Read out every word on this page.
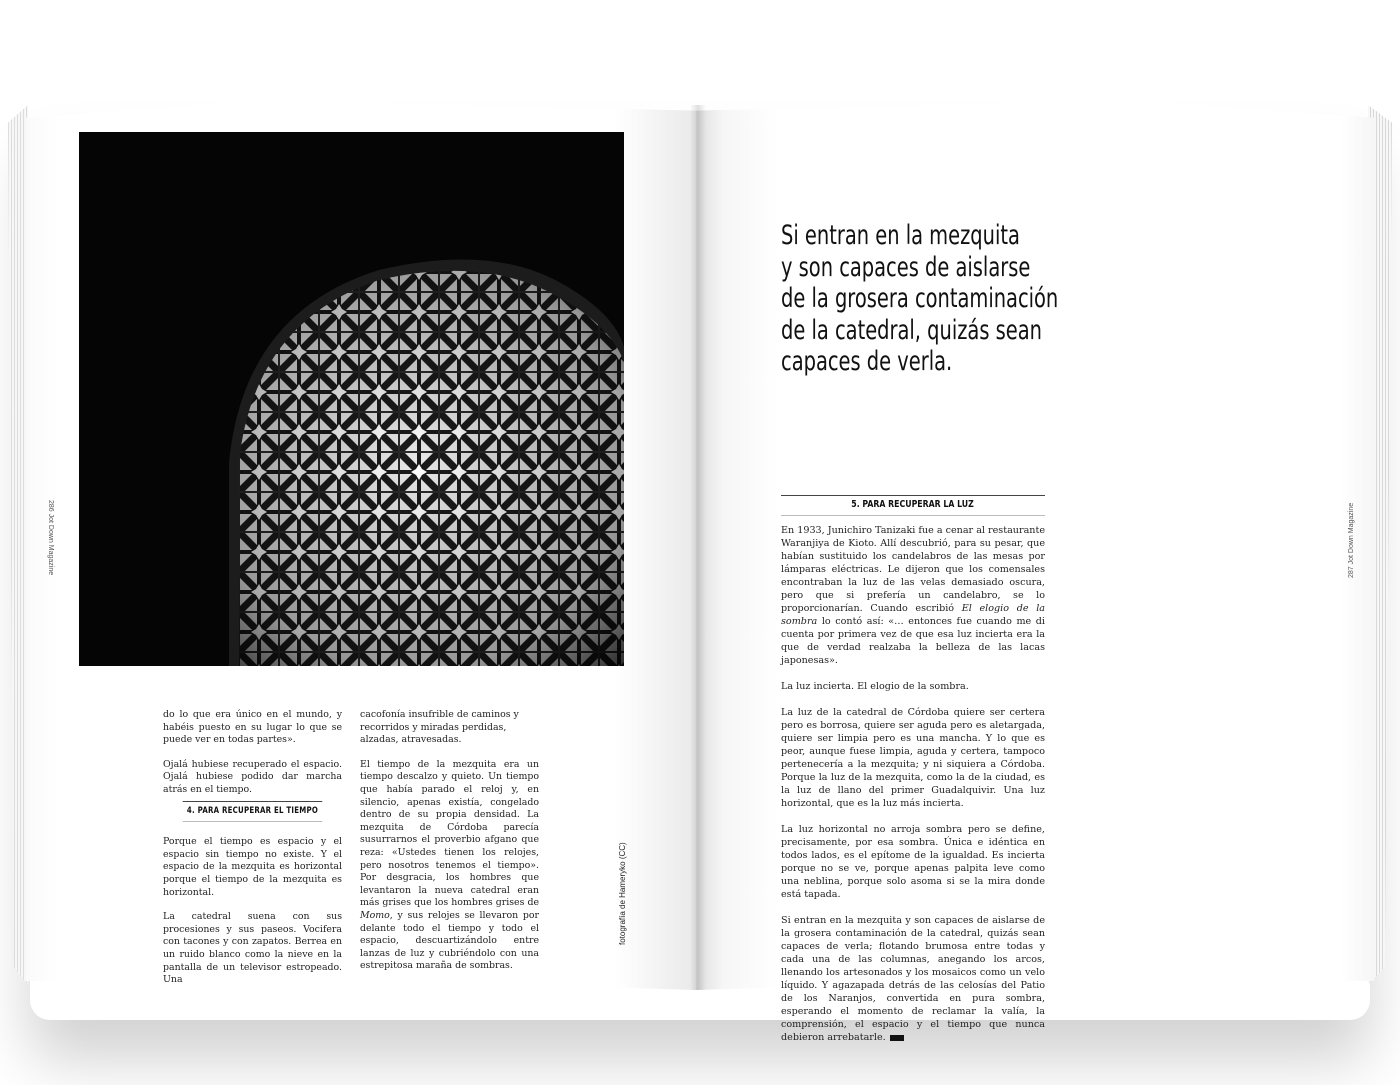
286 Jot Down Magazine
fotografía de Hameryko (CC)
287 Jot Down Magazine

do lo que era único en el mundo, y habéis puesto en su lugar lo que se puede ver en todas partes».

Ojalá hubiese recuperado el espacio. Ojalá hubiese podido dar marcha atrás en el tiempo.

4. PARA RECUPERAR EL TIEMPO

Porque el tiempo es espacio y el espacio sin tiempo no existe. Y el espacio de la mezquita es horizontal porque el tiempo de la mezquita es horizontal.

La catedral suena con sus procesiones y sus paseos. Vocifera con tacones y con zapatos. Berrea en un ruido blanco como la nieve en la pantalla de un televisor estropeado. Una

cacofonía insufrible de caminos y recorridos y miradas perdidas, alzadas, atravesadas.

El tiempo de la mezquita era un tiempo descalzo y quieto. Un tiempo que había parado el reloj y, en silencio, apenas existía, congelado dentro de su propia densidad. La mezquita de Córdoba parecía susurrarnos el proverbio afgano que reza: «Ustedes tienen los relojes, pero nosotros tenemos el tiempo». Por desgracia, los hombres que levantaron la nueva catedral eran más grises que los hombres grises de Momo, y sus relojes se llevaron por delante todo el tiempo y todo el espacio, descuartizándolo entre lanzas de luz y cubriéndolo con una estrepitosa maraña de sombras.

Si entran en la mezquita
y son capaces de aislarse
de la grosera contaminación
de la catedral, quizás sean
capaces de verla.
5. PARA RECUPERAR LA LUZ

En 1933, Junichiro Tanizaki fue a cenar al restaurante Waranjiya de Kioto. Allí descubrió, para su pesar, que habían sustituido los candelabros de las mesas por lámparas eléctricas. Le dijeron que los comensales encontraban la luz de las velas demasiado oscura, pero que si prefería un candelabro, se lo proporcionarían. Cuando escribió El elogio de la sombra lo contó así: «… entonces fue cuando me di cuenta por primera vez de que esa luz incierta era la que de verdad realzaba la belleza de las lacas japonesas».

La luz incierta. El elogio de la sombra.

La luz de la catedral de Córdoba quiere ser certera pero es borrosa, quiere ser aguda pero es aletargada, quiere ser limpia pero es una mancha. Y lo que es peor, aunque fuese limpia, aguda y certera, tampoco pertenecería a la mezquita; y ni siquiera a Córdoba. Porque la luz de la mezquita, como la de la ciudad, es la luz de llano del primer Guadalquivir. Una luz horizontal, que es la luz más incierta.

La luz horizontal no arroja sombra pero se define, precisamente, por esa sombra. Única e idéntica en todos lados, es el epítome de la igualdad. Es incierta porque no se ve, porque apenas palpita leve como una neblina, porque solo asoma si se la mira donde está tapada.

Si entran en la mezquita y son capaces de aislarse de la grosera contaminación de la catedral, quizás sean capaces de verla; flotando brumosa entre todas y cada una de las columnas, anegando los arcos, llenando los artesonados y los mosaicos como un velo líquido. Y agazapada detrás de las celosías del Patio de los Naranjos, convertida en pura sombra, esperando el momento de reclamar la valía, la comprensión, el espacio y el tiempo que nunca debieron arrebatarle.
